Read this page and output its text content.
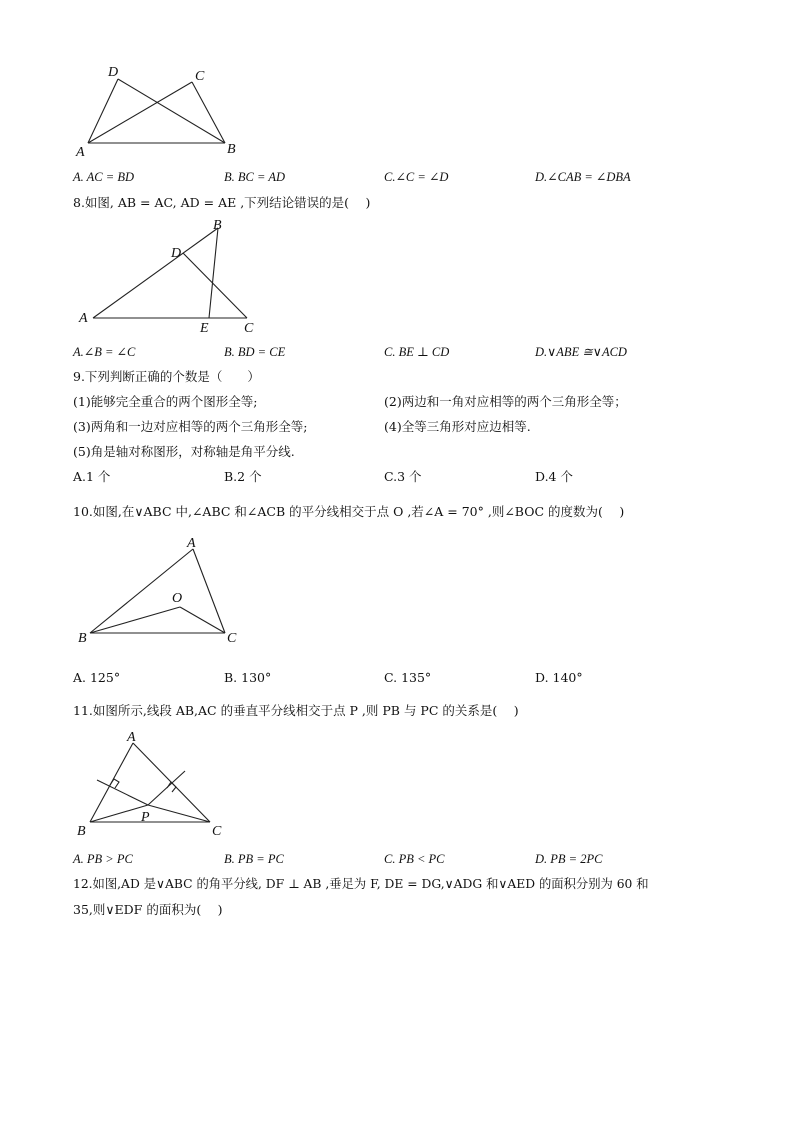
D	C
A	B
A. AC = BD	B. BC = AD	C.∠C = ∠D	D.∠CAB = ∠DBA
8.如图, AB = AC, AD = AE ,下列结论错误的是(　 )
B
D
A
E	C
A.∠B = ∠C	B. BD = CE	C. BE ⊥ CD	D.∨ABE ≅∨ACD
9.下列判断正确的个数是（　　）
(1)能够完全重合的两个图形全等;	(2)两边和一角对应相等的两个三角形全等；
(3)两角和一边对应相等的两个三角形全等;	(4)全等三角形对应边相等.
(5)角是轴对称图形，对称轴是角平分线.
A.1 个	B.2 个	C.3 个	D.4 个
10.如图,在∨ABC 中,∠ABC 和∠ACB 的平分线相交于点 O ,若∠A = 70° ,则∠BOC 的度数为(　 )
A
O
B	C
A. 125°	B. 130°	C. 135°	D. 140°
11.如图所示,线段 AB,AC 的垂直平分线相交于点 P ,则 PB 与 PC 的关系是(　 )
A
B	C
P
A. PB > PC	B. PB = PC	C. PB < PC	D. PB = 2PC
12.如图,AD 是∨ABC 的角平分线, DF ⊥ AB ,垂足为 F, DE = DG,∨ADG 和∨AED 的面积分别为 60 和
35,则∨EDF 的面积为(　 )
